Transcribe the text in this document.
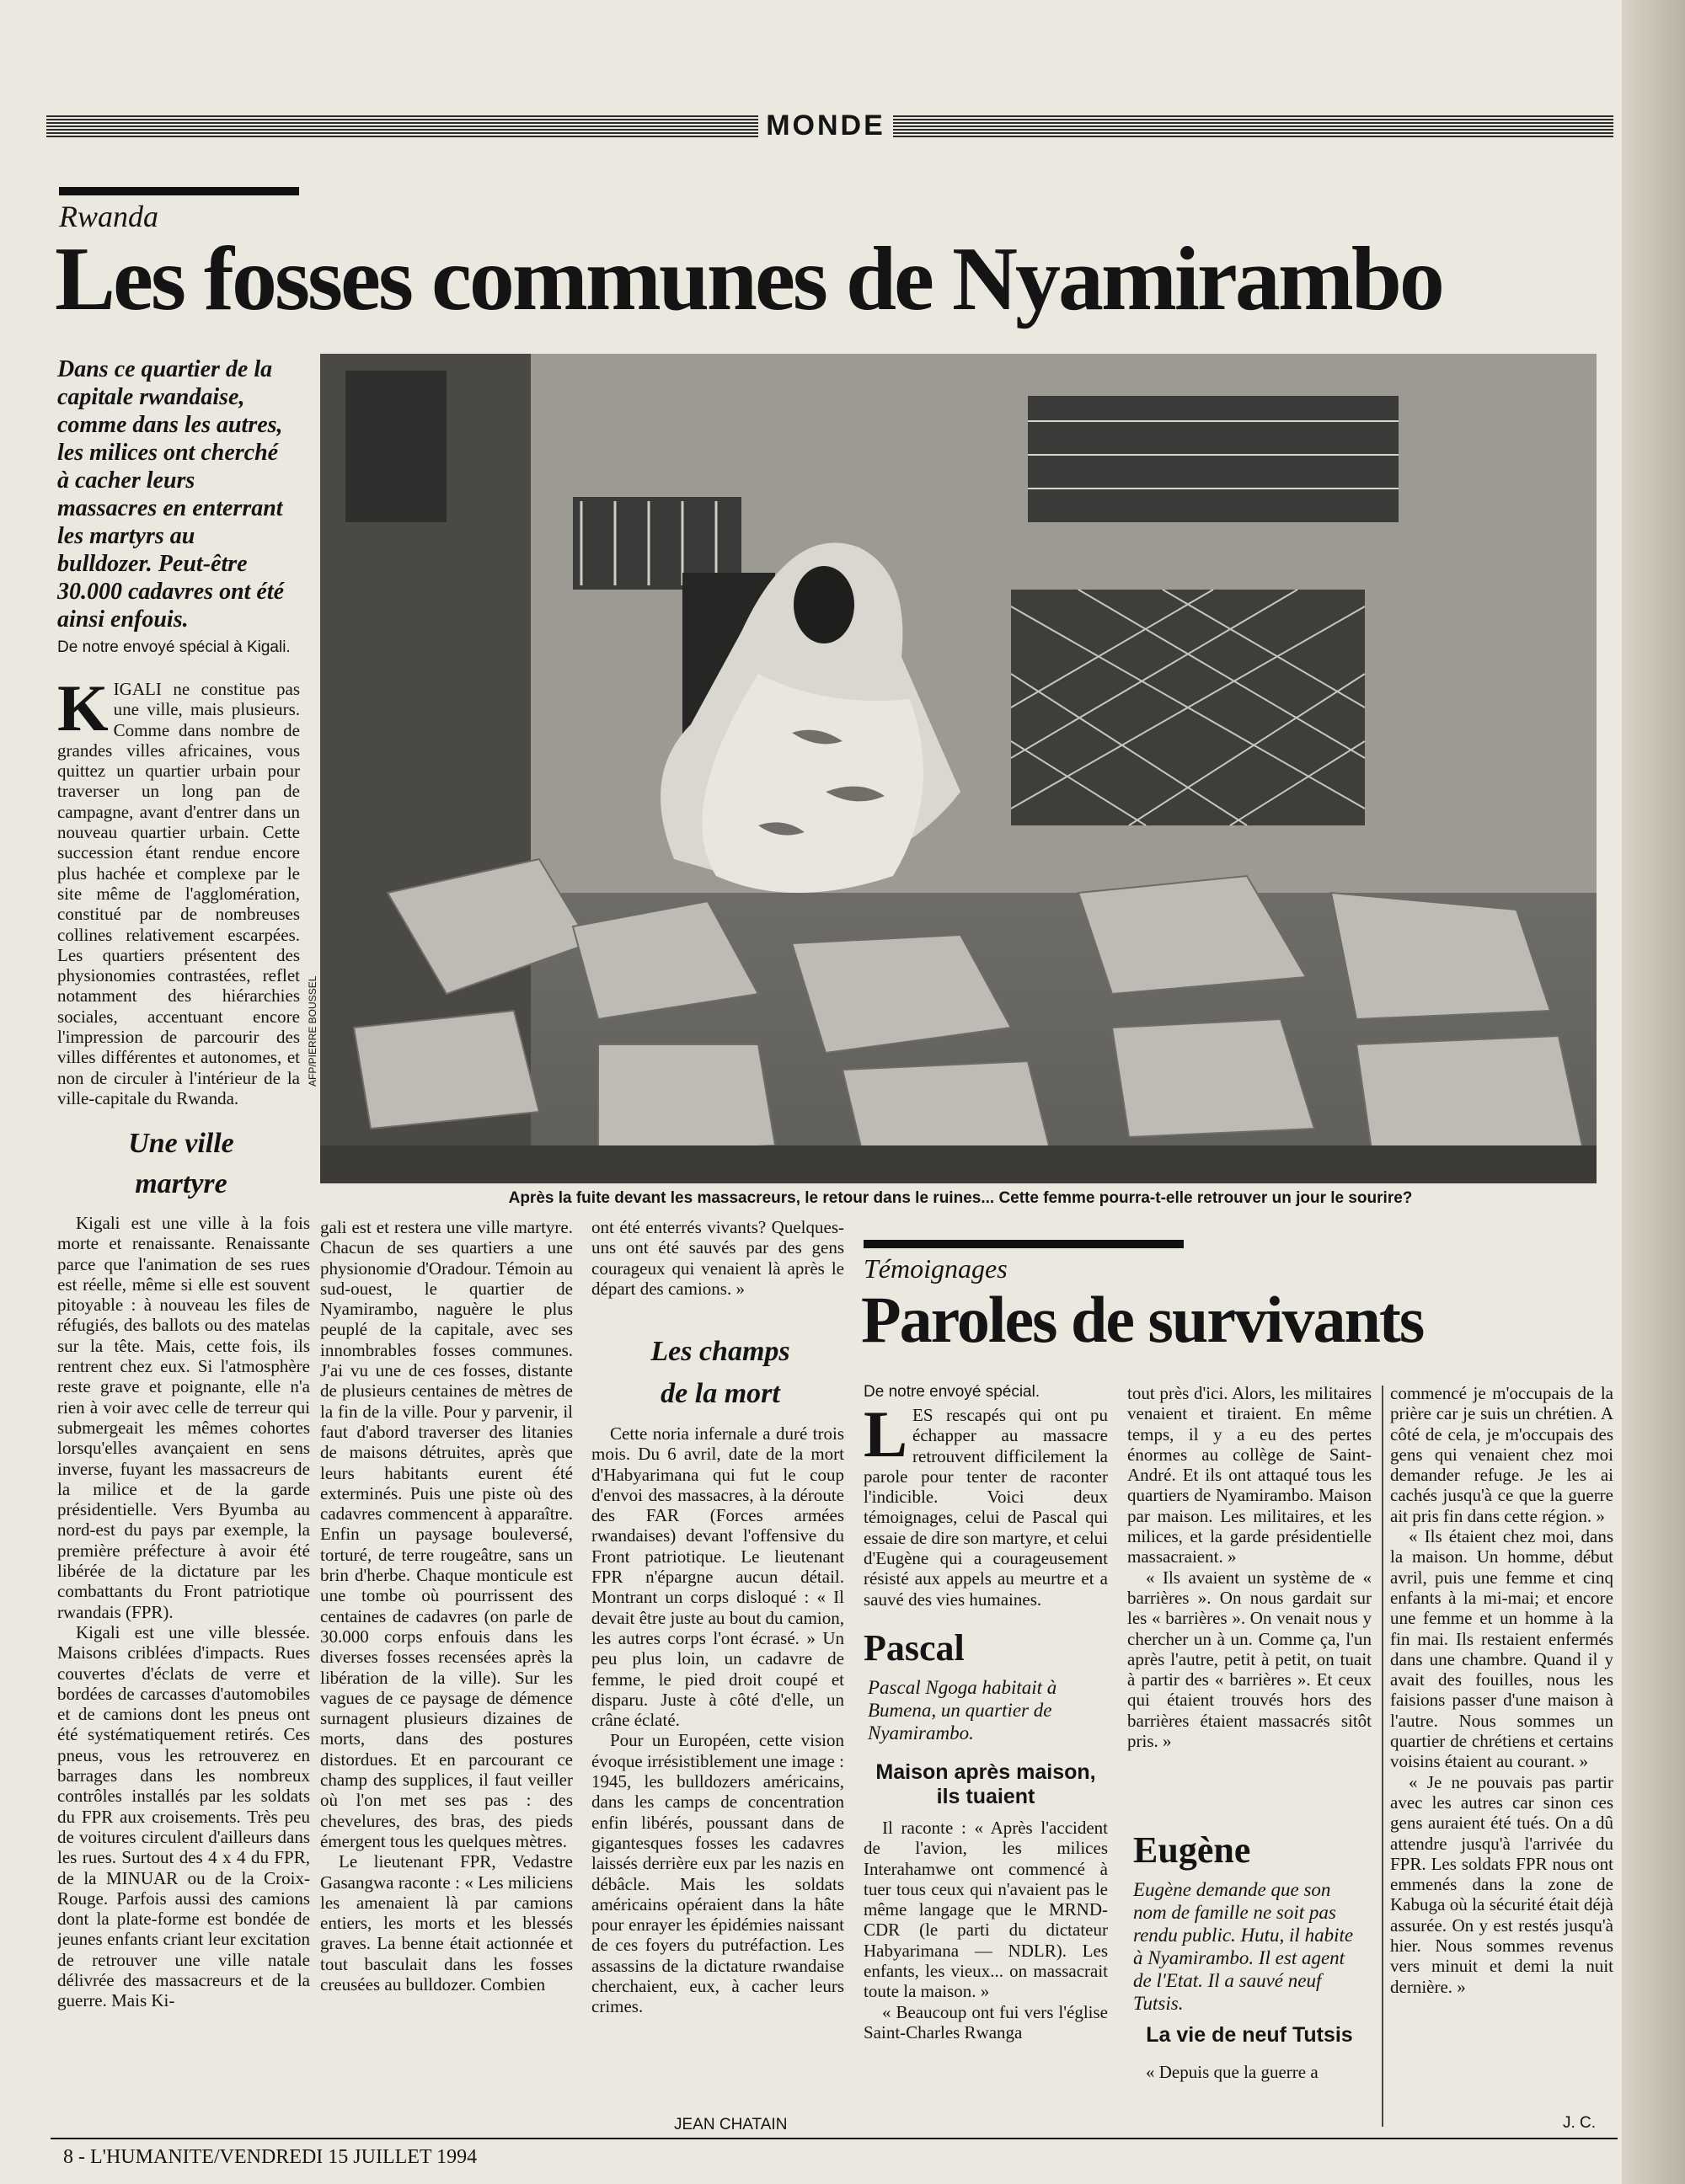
MONDE
Rwanda
Les fosses communes de Nyamirambo
Dans ce quartier de la capitale rwandaise, comme dans les autres, les milices ont cherché à cacher leurs massacres en enterrant les martyrs au bulldozer. Peut-être 30.000 cadavres ont été ainsi enfouis.
De notre envoyé spécial à Kigali.

KIGALI ne constitue pas une ville, mais plusieurs. Comme dans nombre de grandes villes africaines, vous quittez un quartier urbain pour traverser un long pan de campagne, avant d'entrer dans un nouveau quartier urbain. Cette succession étant rendue encore plus hachée et complexe par le site même de l'agglomération, constitué par de nombreuses collines relativement escarpées. Les quartiers présentent des physionomies contrastées, reflet notamment des hiérarchies sociales, accentuant encore l'impression de parcourir des villes différentes et autonomes, et non de circuler à l'intérieur de la ville-capitale du Rwanda.

Une ville
martyre

Kigali est une ville à la fois morte et renaissante. Renaissante parce que l'animation de ses rues est réelle, même si elle est souvent pitoyable : à nouveau les files de réfugiés, des ballots ou des matelas sur la tête. Mais, cette fois, ils rentrent chez eux. Si l'atmosphère reste grave et poignante, elle n'a rien à voir avec celle de terreur qui submergeait les mêmes cohortes lorsqu'elles avançaient en sens inverse, fuyant les massacreurs de la milice et de la garde présidentielle. Vers Byumba au nord-est du pays par exemple, la première préfecture à avoir été libérée de la dictature par les combattants du Front patriotique rwandais (FPR).

Kigali est une ville blessée. Maisons criblées d'impacts. Rues couvertes d'éclats de verre et bordées de carcasses d'automobiles et de camions dont les pneus ont été systématiquement retirés. Ces pneus, vous les retrouverez en barrages dans les nombreux contrôles installés par les soldats du FPR aux croisements. Très peu de voitures circulent d'ailleurs dans les rues. Surtout des 4 x 4 du FPR, de la MINUAR ou de la Croix-Rouge. Parfois aussi des camions dont la plate-forme est bondée de jeunes enfants criant leur excitation de retrouver une ville natale délivrée des massacreurs et de la guerre. Mais Ki-

AFP/PIERRE BOUSSEL
Après la fuite devant les massacreurs, le retour dans le ruines... Cette femme pourra-t-elle retrouver un jour le sourire?

gali est et restera une ville martyre. Chacun de ses quartiers a une physionomie d'Oradour. Témoin au sud-ouest, le quartier de Nyamirambo, naguère le plus peuplé de la capitale, avec ses innombrables fosses communes. J'ai vu une de ces fosses, distante de plusieurs centaines de mètres de la fin de la ville. Pour y parvenir, il faut d'abord traverser des litanies de maisons détruites, après que leurs habitants eurent été exterminés. Puis une piste où des cadavres commencent à apparaître. Enfin un paysage bouleversé, torturé, de terre rougeâtre, sans un brin d'herbe. Chaque monticule est une tombe où pourrissent des centaines de cadavres (on parle de 30.000 corps enfouis dans les diverses fosses recensées après la libération de la ville). Sur les vagues de ce paysage de démence surnagent plusieurs dizaines de morts, dans des postures distordues. Et en parcourant ce champ des supplices, il faut veiller où l'on met ses pas : des chevelures, des bras, des pieds émergent tous les quelques mètres.

Le lieutenant FPR, Vedastre Gasangwa raconte : « Les miliciens les amenaient là par camions entiers, les morts et les blessés graves. La benne était actionnée et tout basculait dans les fosses creusées au bulldozer. Combien

ont été enterrés vivants? Quelques-uns ont été sauvés par des gens courageux qui venaient là après le départ des camions. »

Les champs
de la mort

Cette noria infernale a duré trois mois. Du 6 avril, date de la mort d'Habyarimana qui fut le coup d'envoi des massacres, à la déroute des FAR (Forces armées rwandaises) devant l'offensive du Front patriotique. Le lieutenant FPR n'épargne aucun détail. Montrant un corps disloqué : « Il devait être juste au bout du camion, les autres corps l'ont écrasé. » Un peu plus loin, un cadavre de femme, le pied droit coupé et disparu. Juste à côté d'elle, un crâne éclaté.

Pour un Européen, cette vision évoque irrésistiblement une image : 1945, les bulldozers américains, dans les camps de concentration enfin libérés, poussant dans de gigantesques fosses les cadavres laissés derrière eux par les nazis en débâcle. Mais les soldats américains opéraient dans la hâte pour enrayer les épidémies naissant de ces foyers du putréfaction. Les assassins de la dictature rwandaise cherchaient, eux, à cacher leurs crimes.

JEAN CHATAIN
Témoignages
Paroles de survivants
De notre envoyé spécial.

LES rescapés qui ont pu échapper au massacre retrouvent difficilement la parole pour tenter de raconter l'indicible. Voici deux témoignages, celui de Pascal qui essaie de dire son martyre, et celui d'Eugène qui a courageusement résisté aux appels au meurtre et a sauvé des vies humaines.

Pascal
Pascal Ngoga habitait à Bumena, un quartier de Nyamirambo.
Maison après maison, ils tuaient

Il raconte : « Après l'accident de l'avion, les milices Interahamwe ont commencé à tuer tous ceux qui n'avaient pas le même langage que le MRND-CDR (le parti du dictateur Habyarimana — NDLR). Les enfants, les vieux... on massacrait toute la maison. »

« Beaucoup ont fui vers l'église Saint-Charles Rwanga

tout près d'ici. Alors, les militaires venaient et tiraient. En même temps, il y a eu des pertes énormes au collège de Saint-André. Et ils ont attaqué tous les quartiers de Nyamirambo. Maison par maison. Les militaires, et les milices, et la garde présidentielle massacraient. »

« Ils avaient un système de « barrières ». On nous gardait sur les « barrières ». On venait nous y chercher un à un. Comme ça, l'un après l'autre, petit à petit, on tuait à partir des « barrières ». Et ceux qui étaient trouvés hors des barrières étaient massacrés sitôt pris. »

Eugène
Eugène demande que son nom de famille ne soit pas rendu public. Hutu, il habite à Nyamirambo. Il est agent de l'Etat. Il a sauvé neuf Tutsis.
La vie de neuf Tutsis

« Depuis que la guerre a

commencé je m'occupais de la prière car je suis un chrétien. A côté de cela, je m'occupais des gens qui venaient chez moi demander refuge. Je les ai cachés jusqu'à ce que la guerre ait pris fin dans cette région. »

« Ils étaient chez moi, dans la maison. Un homme, début avril, puis une femme et cinq enfants à la mi-mai; et encore une femme et un homme à la fin mai. Ils restaient enfermés dans une chambre. Quand il y avait des fouilles, nous les faisions passer d'une maison à l'autre. Nous sommes un quartier de chrétiens et certains voisins étaient au courant. »

« Je ne pouvais pas partir avec les autres car sinon ces gens auraient été tués. On a dû attendre jusqu'à l'arrivée du FPR. Les soldats FPR nous ont emmenés dans la zone de Kabuga où la sécurité était déjà assurée. On y est restés jusqu'à hier. Nous sommes revenus vers minuit et demi la nuit dernière. »

J. C.
8 - L'HUMANITE/VENDREDI 15 JUILLET 1994
